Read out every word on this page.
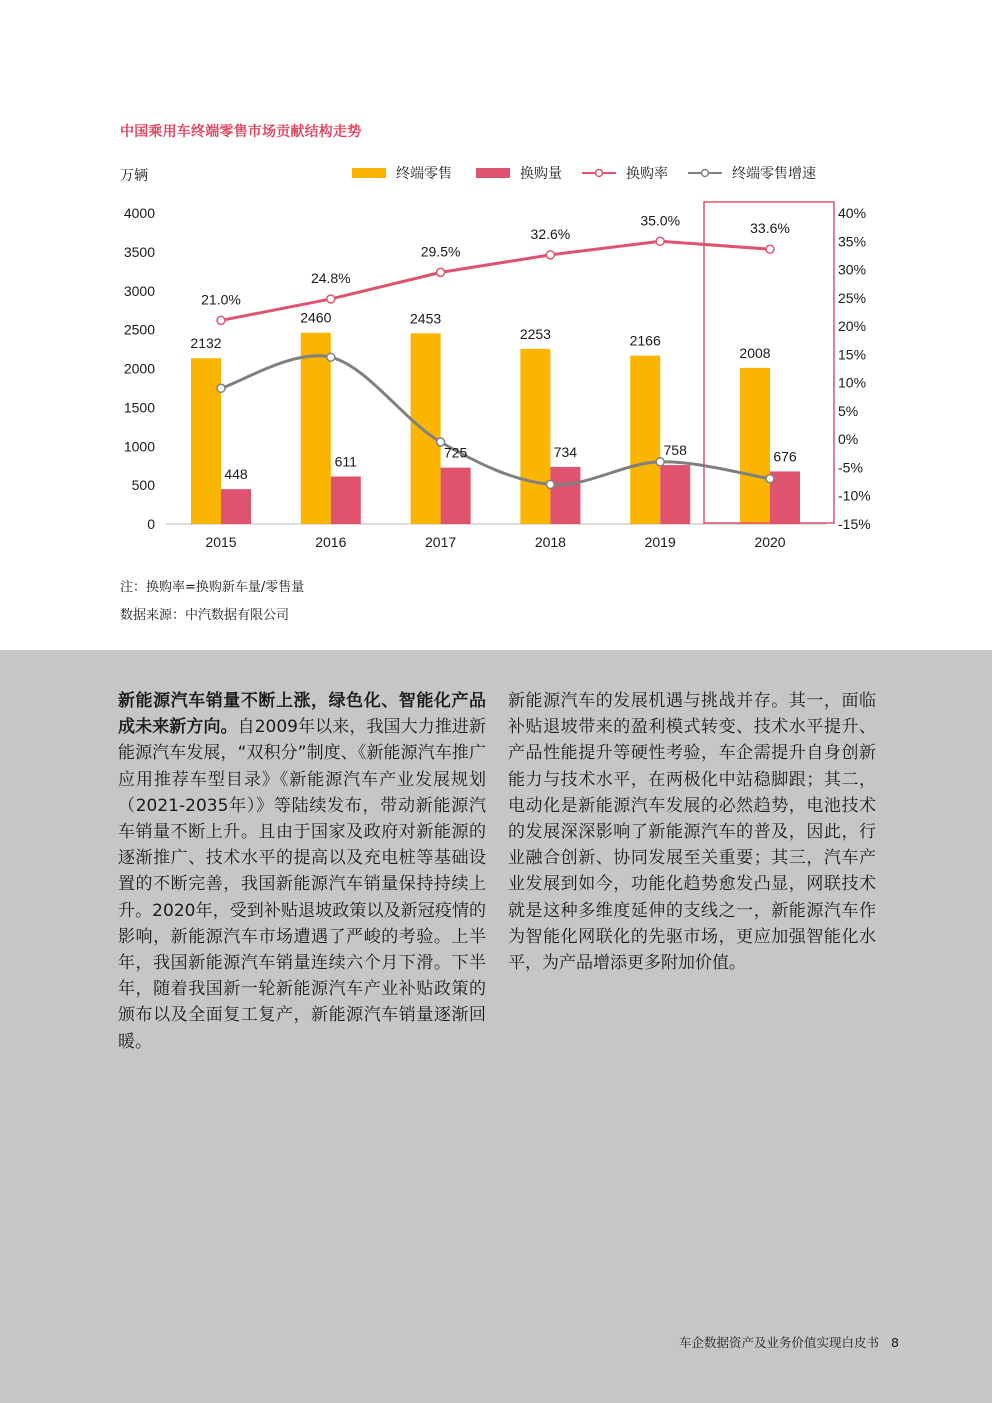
中国乘用车终端零售市场贡献结构走势
万辆
0
500
1000
1500
2000
2500
3000
3500
4000
-15%
-10%
-5%
0%
5%
10%
15%
20%
25%
30%
35%
40%
2015	2016	2017	2018	2019	2020
2132
2460	2453
2253	2166
2008
448
611
725	734	758	676
21.0%
24.8%
29.5%
32.6%
35.0%	33.6%
终端零售	换购量	换购率	终端零售增速
注：换购率=换购新车量/零售量
数据来源：中汽数据有限公司
新能源汽车销量不断上涨，绿色化、智能化产品成未来新方向。自2009年以来，我国大力推进新能源汽车发展，“双积分”制度、《新能源汽车推广应用推荐车型目录》《新能源汽车产业发展规划（2021-2035年）》等陆续发布，带动新能源汽车销量不断上升。且由于国家及政府对新能源的逐渐推广、技术水平的提高以及充电桩等基础设置的不断完善，我国新能源汽车销量保持持续上升。2020年，受到补贴退坡政策以及新冠疫情的影响，新能源汽车市场遭遇了严峻的考验。上半年，我国新能源汽车销量连续六个月下滑。下半年，随着我国新一轮新能源汽车产业补贴政策的颁布以及全面复工复产，新能源汽车销量逐渐回暖。
新能源汽车的发展机遇与挑战并存。其一，面临补贴退坡带来的盈利模式转变、技术水平提升、产品性能提升等硬性考验，车企需提升自身创新能力与技术水平，在两极化中站稳脚跟；其二，电动化是新能源汽车发展的必然趋势，电池技术的发展深深影响了新能源汽车的普及，因此，行业融合创新、协同发展至关重要；其三，汽车产业发展到如今，功能化趋势愈发凸显，网联技术就是这种多维度延伸的支线之一，新能源汽车作为智能化网联化的先驱市场，更应加强智能化水平，为产品增添更多附加价值。
车企数据资产及业务价值实现白皮书 8
